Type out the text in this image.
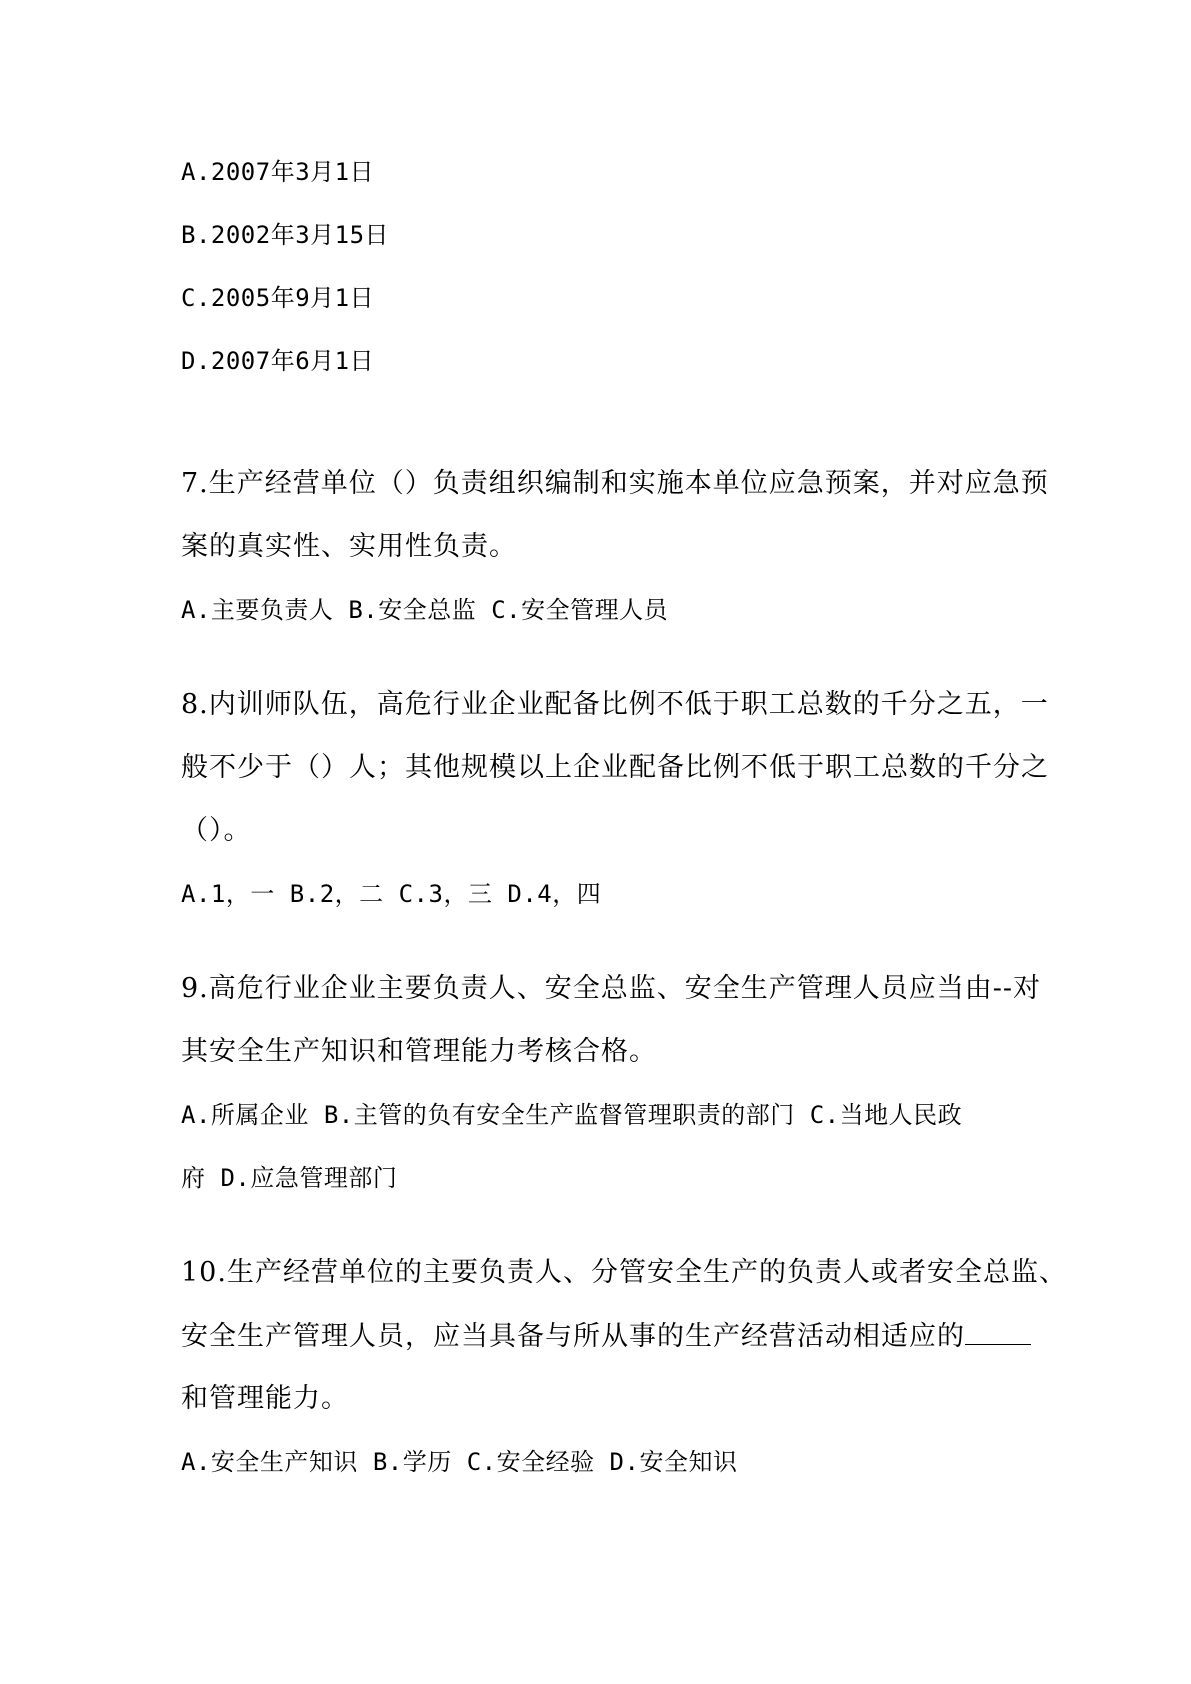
A.2007年3月1日
B.2002年3月15日
C.2005年9月1日
D.2007年6月1日
7.生产经营单位（）负责组织编制和实施本单位应急预案，并对应急预
案的真实性、实用性负责。
A.主要负责人 B.安全总监 C.安全管理人员
8.内训师队伍，高危行业企业配备比例不低于职工总数的千分之五，一
般不少于（）人；其他规模以上企业配备比例不低于职工总数的千分之
（）。
A.1，一 B.2，二 C.3，三 D.4，四
9.高危行业企业主要负责人、安全总监、安全生产管理人员应当由--对
其安全生产知识和管理能力考核合格。
A.所属企业 B.主管的负有安全生产监督管理职责的部门 C.当地人民政
府 D.应急管理部门
10.生产经营单位的主要负责人、分管安全生产的负责人或者安全总监、
安全生产管理人员，应当具备与所从事的生产经营活动相适应的
和管理能力。
A.安全生产知识 B.学历 C.安全经验 D.安全知识
